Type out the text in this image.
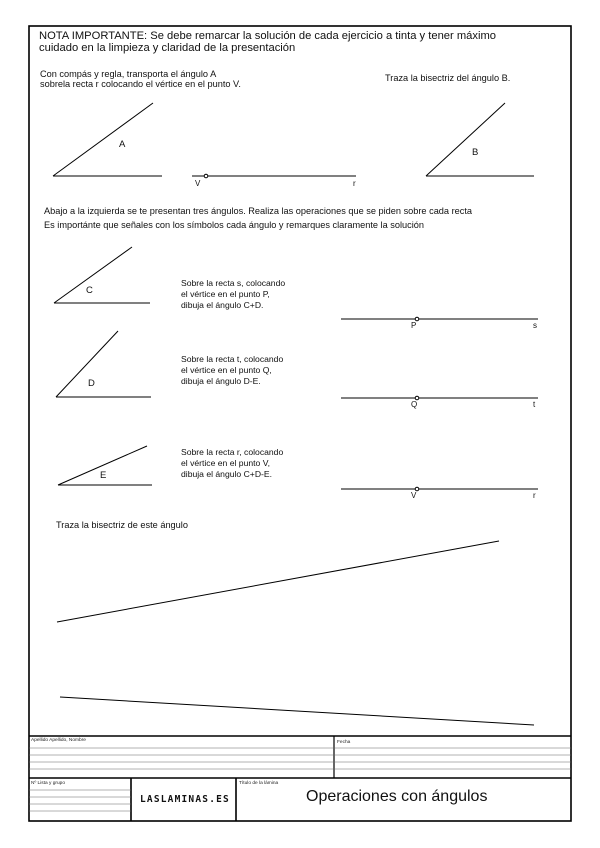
NOTA IMPORTANTE: Se debe remarcar la solución de cada ejercicio a tinta y tener máximo
cuidado en la limpieza y claridad de la presentación
Con compás y regla, transporta el ángulo A
sobrela recta r colocando el vértice en el punto V.
A
V	r
Traza la bisectriz del ángulo B.
B
Abajo a la izquierda se te presentan tres ángulos. Realiza las operaciones que se piden sobre cada recta
Es importánte que señales con los símbolos cada ángulo y remarques claramente la solución
C
Sobre la recta s, colocando
el vértice en el punto P,
dibuja el ángulo C+D.
P	s
D
Sobre la recta t, colocando
el vértice en el punto Q,
dibuja el ángulo D-E.
Q	t
E
Sobre la recta r, colocando
el vértice en el punto V,
dibuja el ángulo C+D-E.
V	r
Traza la bisectriz de este ángulo
Apellido Apellido, Nombre	Fecha
Nº Lista y grupo
LASLAMINAS.ES
Título de la lámina
Operaciones con ángulos
